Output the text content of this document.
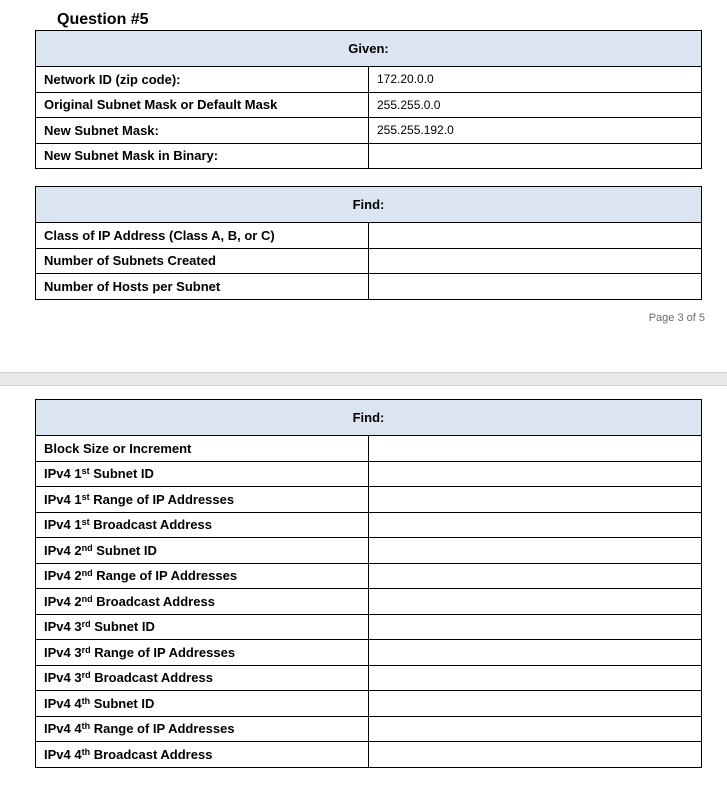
Question #5
Given:	
Network ID (zip code):	172.20.0.0
Original Subnet Mask or Default Mask	255.255.0.0
New Subnet Mask:	255.255.192.0
New Subnet Mask in Binary:	
Find:	
Class of IP Address (Class A, B, or C)	
Number of Subnets Created	
Number of Hosts per Subnet	
Page 3 of 5
Find:	
Block Size or Increment	
IPv4 1st Subnet ID	
IPv4 1st Range of IP Addresses	
IPv4 1st Broadcast Address	
IPv4 2nd Subnet ID	
IPv4 2nd Range of IP Addresses	
IPv4 2nd Broadcast Address	
IPv4 3rd Subnet ID	
IPv4 3rd Range of IP Addresses	
IPv4 3rd Broadcast Address	
IPv4 4th Subnet ID	
IPv4 4th Range of IP Addresses	
IPv4 4th Broadcast Address	
